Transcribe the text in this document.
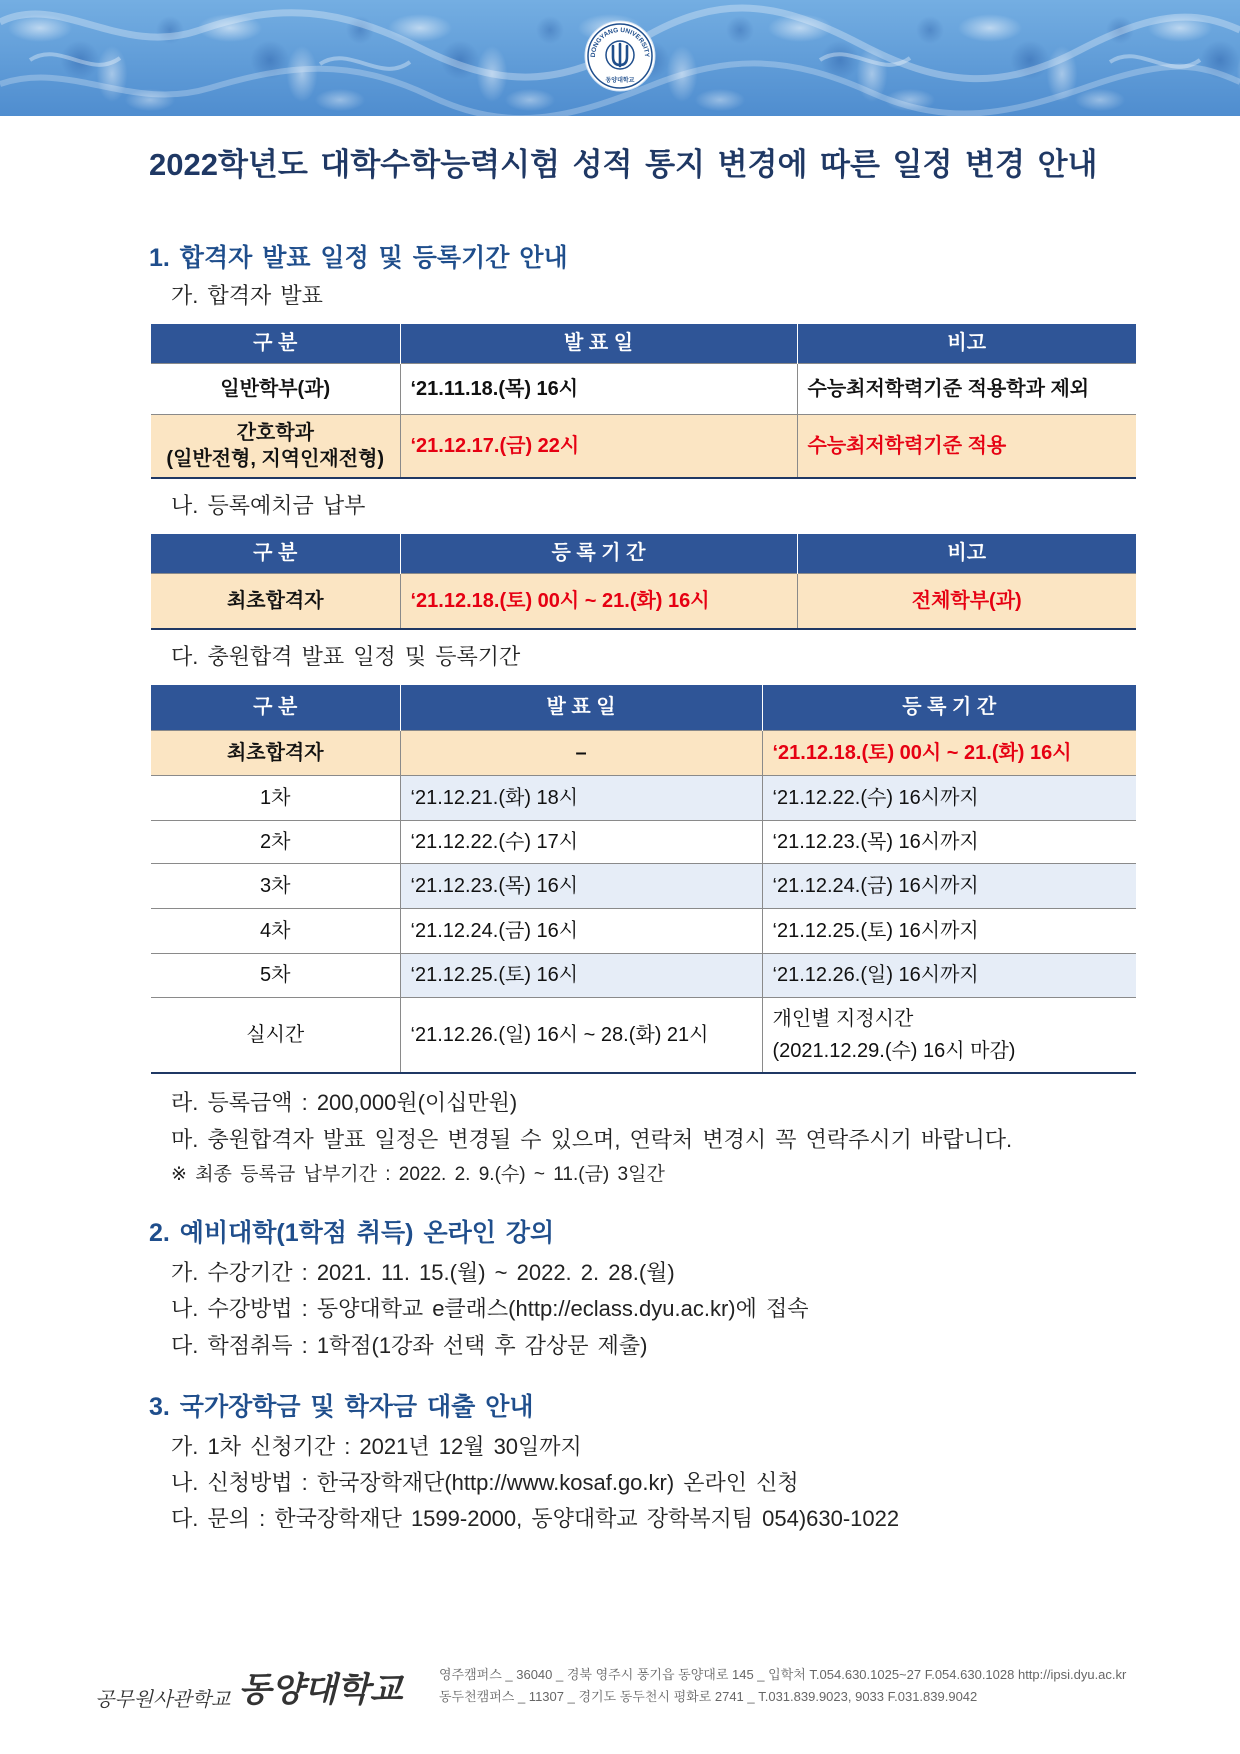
DONGYANG UNIVERSITY
동양대학교
2022학년도 대학수학능력시험 성적 통지 변경에 따른 일정 변경 안내
1. 합격자 발표 일정 및 등록기간 안내
가. 합격자 발표
구 분	발 표 일	비고
일반학부(과)	‘21.11.18.(목) 16시	수능최저학력기준 적용학과 제외

간호학과
(일반전형, 지역인재전형)	‘21.12.17.(금) 22시	수능최저학력기준 적용
나. 등록예치금 납부
구 분	등 록 기 간	비고
최초합격자	‘21.12.18.(토) 00시 ~ 21.(화) 16시	전체학부(과)
다. 충원합격 발표 일정 및 등록기간
구 분	발 표 일	등 록 기 간
최초합격자	–	‘21.12.18.(토) 00시 ~ 21.(화) 16시
1차	‘21.12.21.(화) 18시	‘21.12.22.(수) 16시까지
2차	‘21.12.22.(수) 17시	‘21.12.23.(목) 16시까지
3차	‘21.12.23.(목) 16시	‘21.12.24.(금) 16시까지
4차	‘21.12.24.(금) 16시	‘21.12.25.(토) 16시까지
5차	‘21.12.25.(토) 16시	‘21.12.26.(일) 16시까지
실시간	‘21.12.26.(일) 16시 ~ 28.(화) 21시	개인별 지정시간
(2021.12.29.(수) 16시 마감)
라. 등록금액 : 200,000원(이십만원)
마. 충원합격자 발표 일정은 변경될 수 있으며, 연락처 변경시 꼭 연락주시기 바랍니다.
※ 최종 등록금 납부기간 : 2022. 2. 9.(수) ~ 11.(금) 3일간
2. 예비대학(1학점 취득) 온라인 강의
가. 수강기간 : 2021. 11. 15.(월) ~ 2022. 2. 28.(월)
나. 수강방법 : 동양대학교 e클래스(http://eclass.dyu.ac.kr)에 접속
다. 학점취득 : 1학점(1강좌 선택 후 감상문 제출)
3. 국가장학금 및 학자금 대출 안내
가. 1차 신청기간 : 2021년 12월 30일까지
나. 신청방법 : 한국장학재단(http://www.kosaf.go.kr) 온라인 신청
다. 문의 : 한국장학재단 1599-2000, 동양대학교 장학복지팀 054)630-1022
공무원사관학교 동양대학교	영주캠퍼스 _ 36040 _ 경북 영주시 풍기읍 동양대로 145 _ 입학처 T.054.630.1025~27 F.054.630.1028 http://ipsi.dyu.ac.kr
동두천캠퍼스 _ 11307 _ 경기도 동두천시 평화로 2741 _ T.031.839.9023, 9033 F.031.839.9042
